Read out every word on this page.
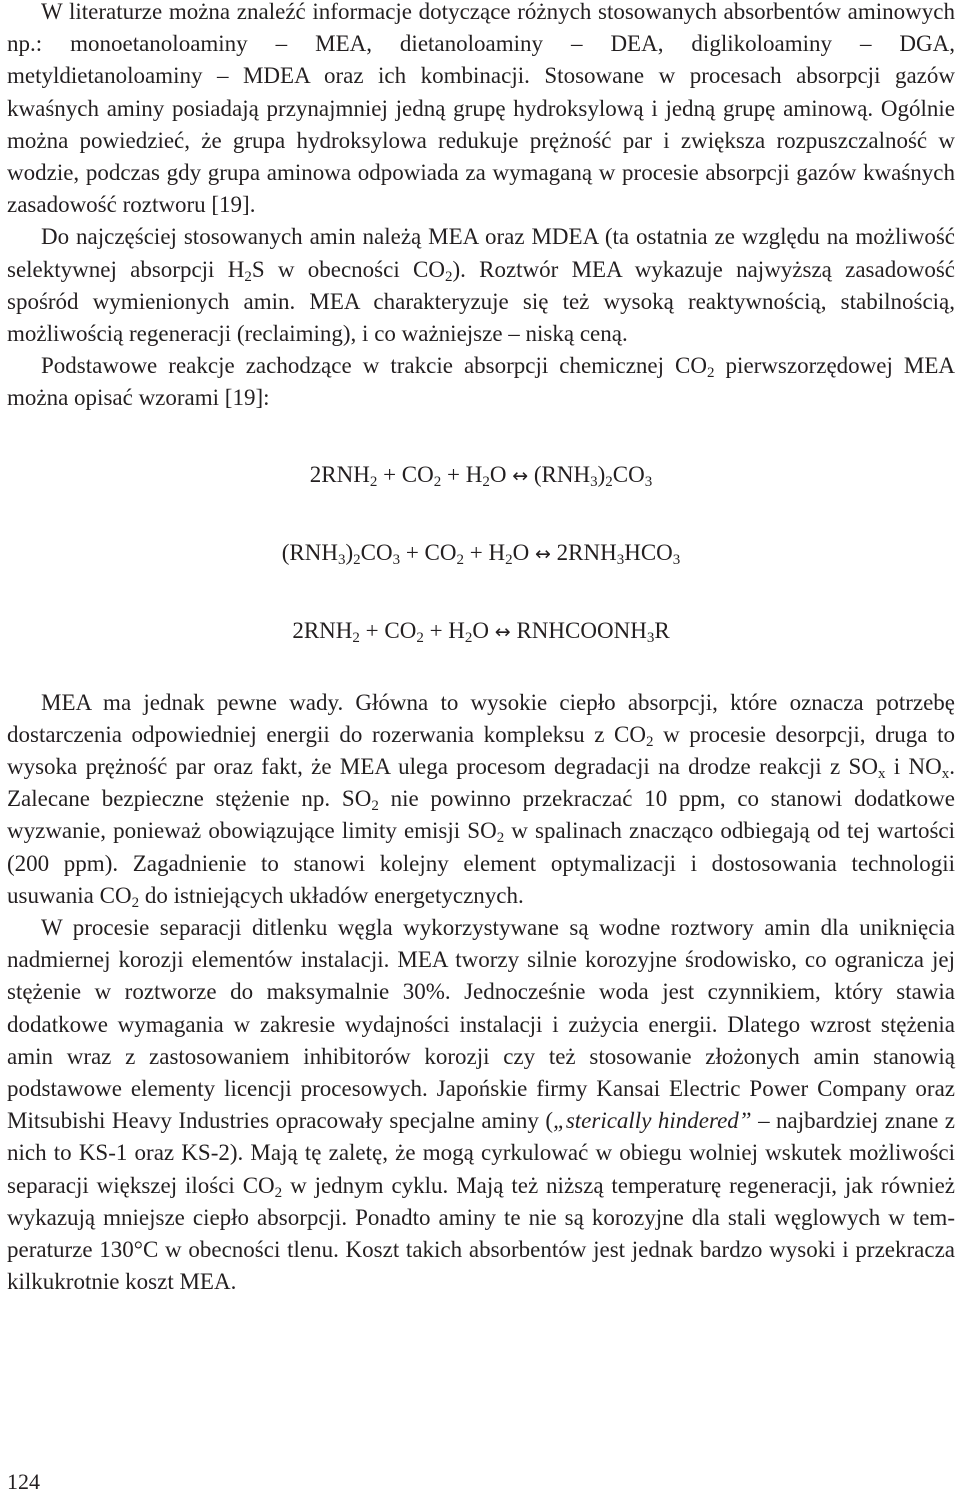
W literaturze można znaleźć informacje dotyczące różnych stosowanych absorbentów aminowych np.: monoetanoloaminy – MEA, dietanoloaminy – DEA, diglikoloaminy – DGA, metyldietanoloaminy – MDEA oraz ich kombinacji. Stosowane w procesach absorpcji gazów kwaśnych aminy posiadają przynajmniej jedną grupę hydroksylową i jedną grupę aminową. Ogólnie można powiedzieć, że grupa hydroksylowa redukuje prężność par i zwiększa rozpuszczalność w wodzie, podczas gdy grupa aminowa odpowiada za wymaganą w procesie absorpcji gazów kwaśnych zasadowość roztworu [19].

Do najczęściej stosowanych amin należą MEA oraz MDEA (ta ostatnia ze względu na możliwość selektywnej absorpcji $H_2S$ w obecności $CO_2$). Roztwór MEA wykazuje najwyższą zasadowość spośród wymienionych amin. MEA charakteryzuje się też wysoką reaktywnością, stabilnością, możliwością regeneracji (reclaiming), i co ważniejsze – niską ceną.

Podstawowe reakcje zachodzące w trakcie absorpcji chemicznej $CO_2$ pierwszorzędowej MEA można opisać wzorami [19]:

$2RNH_2 + CO_2 + H_2O$ ↔ $(RNH_3)_2CO_3$

$(RNH_3)_2CO_3 + CO_2 + H_2O$ ↔ $2RNH_3HCO_3$

$2RNH_2 + CO_2 + H_2O$ ↔ $RNHCOONH_3R$

MEA ma jednak pewne wady. Główna to wysokie ciepło absorpcji, które oznacza potrzebę dostarczenia odpowiedniej energii do rozerwania kompleksu z $CO_2$ w procesie desorpcji, druga to wysoka prężność par oraz fakt, że MEA ulega procesom degradacji na drodze reakcji z $SO_x$ i $NO_x$. Zalecane bezpieczne stężenie np. $SO_2$ nie powinno przekraczać 10 ppm, co stanowi dodatkowe wyzwanie, ponieważ obowiązujące limity emisji $SO_2$ w spalinach znacząco odbiegają od tej wartości (200 ppm). Zagadnienie to stanowi kolejny element optymalizacji i dostosowania technologii usuwania $CO_2$ do istniejących układów energetycznych.

W procesie separacji ditlenku węgla wykorzystywane są wodne roztwory amin dla uniknięcia nadmiernej korozji elementów instalacji. MEA tworzy silnie korozyjne środowisko, co ogranicza jej stężenie w roztworze do maksymalnie 30%. Jednocześnie woda jest czynnikiem, który stawia dodatkowe wymagania w zakresie wydajności instalacji i zużycia energii. Dlatego wzrost stężenia amin wraz z zastosowaniem inhibitorów korozji czy też stosowanie złożonych amin stanowią podstawowe elementy licencji procesowych. Japońskie firmy Kansai Electric Power Company oraz Mitsubishi Heavy Industries opracowały specjalne aminy („sterically hindered” – najbardziej znane z nich to KS-1 oraz KS-2). Mają tę zaletę, że mogą cyrkulować w obiegu wolniej wskutek możliwości separacji większej ilości $CO_2$ w jednym cyklu. Mają też niższą temperaturę regeneracji, jak również wykazują mniejsze ciepło absorpcji. Ponadto aminy te nie są korozyjne dla stali węglowych w temperaturze 130°C w obecności tlenu. Koszt takich absorbentów jest jednak bardzo wysoki i przekracza kilkukrotnie koszt MEA.

124
